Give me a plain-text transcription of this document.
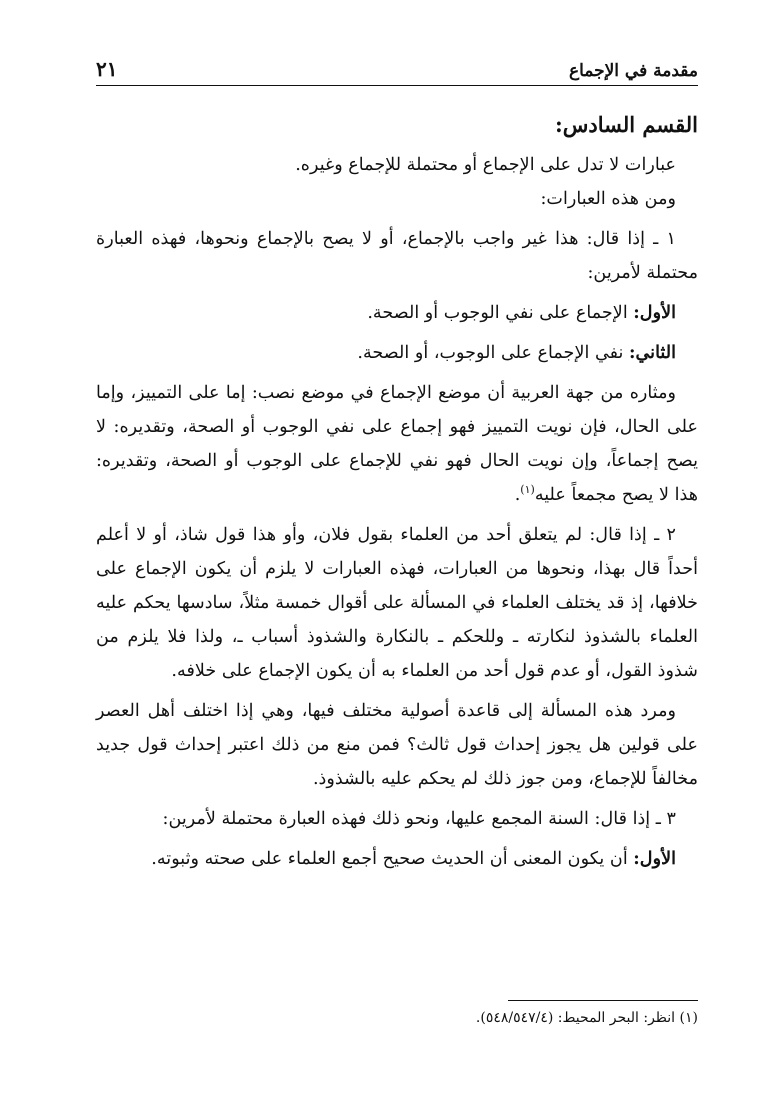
مقدمة في الإجماع
٢١

القسم السادس:

عبارات لا تدل على الإجماع أو محتملة للإجماع وغيره.

ومن هذه العبارات:

١ ـ إذا قال: هذا غير واجب بالإجماع، أو لا يصح بالإجماع ونحوها، فهذه العبارة محتملة لأمرين:

الأول: الإجماع على نفي الوجوب أو الصحة.

الثاني: نفي الإجماع على الوجوب، أو الصحة.

ومثاره من جهة العربية أن موضع الإجماع في موضع نصب: إما على التمييز، وإما على الحال، فإن نويت التمييز فهو إجماع على نفي الوجوب أو الصحة، وتقديره: لا يصح إجماعاً، وإن نويت الحال فهو نفي للإجماع على الوجوب أو الصحة، وتقديره: هذا لا يصح مجمعاً عليه$^{(١)}$.

٢ ـ إذا قال: لم يتعلق أحد من العلماء بقول فلان، وأو هذا قول شاذ، أو لا أعلم أحداً قال بهذا، ونحوها من العبارات، فهذه العبارات لا يلزم أن يكون الإجماع على خلافها، إذ قد يختلف العلماء في المسألة على أقوال خمسة مثلاً، سادسها يحكم عليه العلماء بالشذوذ لنكارته ـ وللحكم ـ بالنكارة والشذوذ أسباب ـ، ولذا فلا يلزم من شذوذ القول، أو عدم قول أحد من العلماء به أن يكون الإجماع على خلافه.

ومرد هذه المسألة إلى قاعدة أصولية مختلف فيها، وهي إذا اختلف أهل العصر على قولين هل يجوز إحداث قول ثالث؟ فمن منع من ذلك اعتبر إحداث قول جديد مخالفاً للإجماع، ومن جوز ذلك لم يحكم عليه بالشذوذ.

٣ ـ إذا قال: السنة المجمع عليها، ونحو ذلك فهذه العبارة محتملة لأمرين:

الأول: أن يكون المعنى أن الحديث صحيح أجمع العلماء على صحته وثبوته.

(١) انظر: البحر المحيط: (٥٤٨/٥٤٧/٤).
